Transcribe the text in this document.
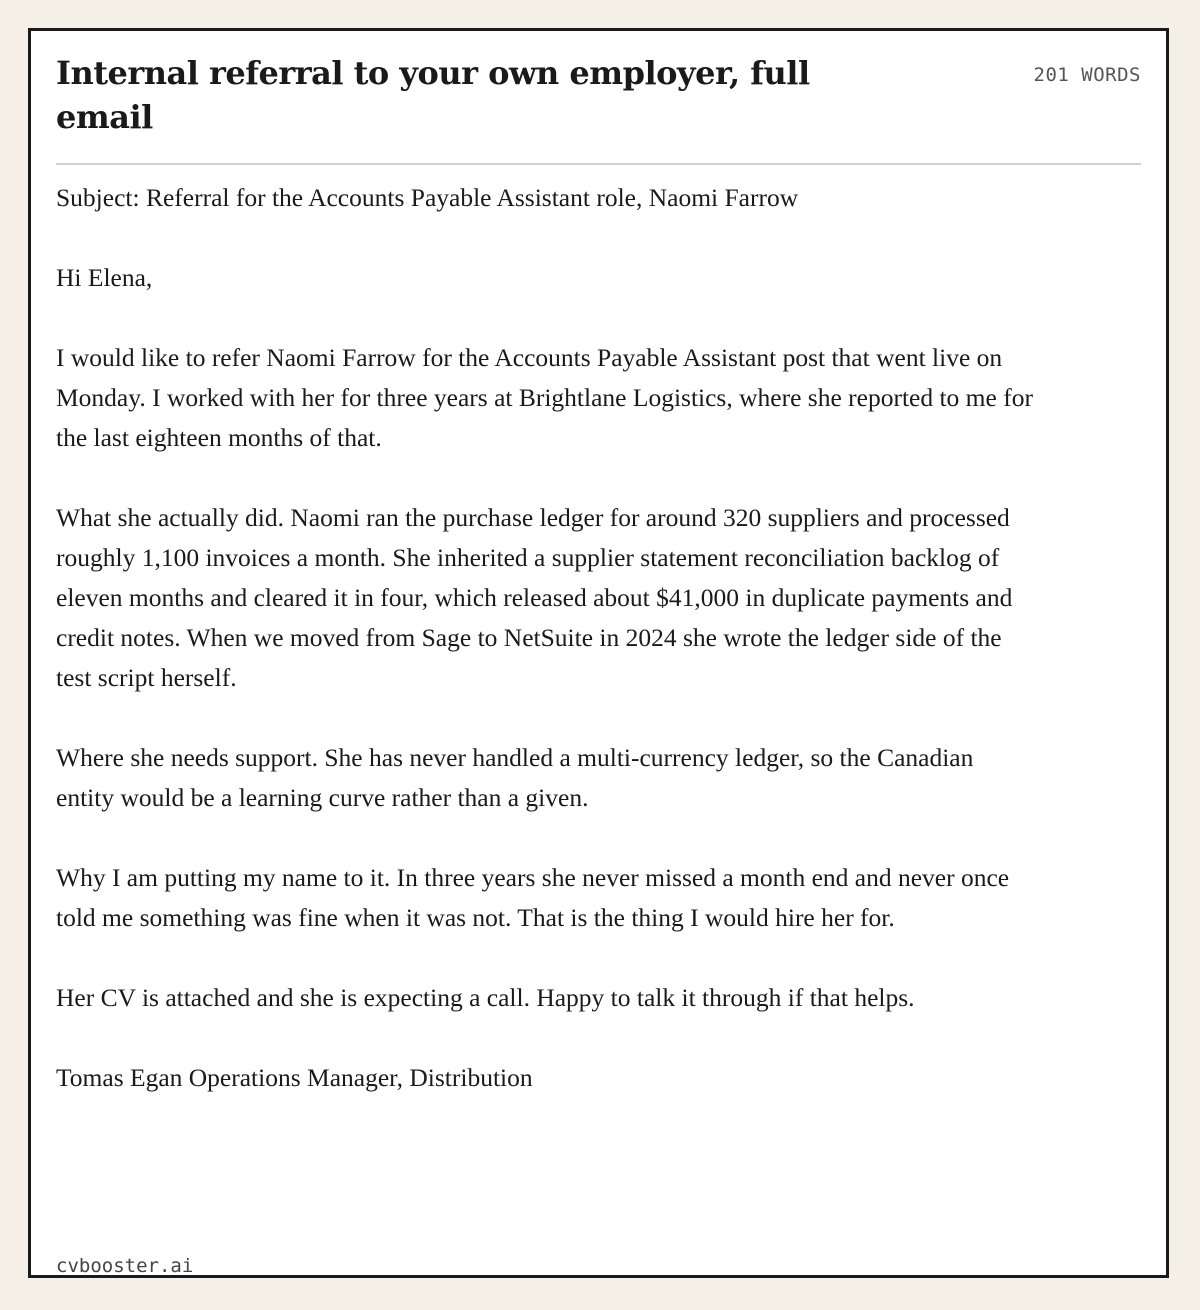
Internal referral to your own employer, full email
201 WORDS

Subject: Referral for the Accounts Payable Assistant role, Naomi Farrow

Hi Elena,

I would like to refer Naomi Farrow for the Accounts Payable Assistant post that went live on Monday. I worked with her for three years at Brightlane Logistics, where she reported to me for the last eighteen months of that.

What she actually did. Naomi ran the purchase ledger for around 320 suppliers and processed roughly 1,100 invoices a month. She inherited a supplier statement reconciliation backlog of eleven months and cleared it in four, which released about $41,000 in duplicate payments and credit notes. When we moved from Sage to NetSuite in 2024 she wrote the ledger side of the test script herself.

Where she needs support. She has never handled a multi-currency ledger, so the Canadian entity would be a learning curve rather than a given.

Why I am putting my name to it. In three years she never missed a month end and never once told me something was fine when it was not. That is the thing I would hire her for.

Her CV is attached and she is expecting a call. Happy to talk it through if that helps.

Tomas Egan Operations Manager, Distribution

cvbooster.ai
